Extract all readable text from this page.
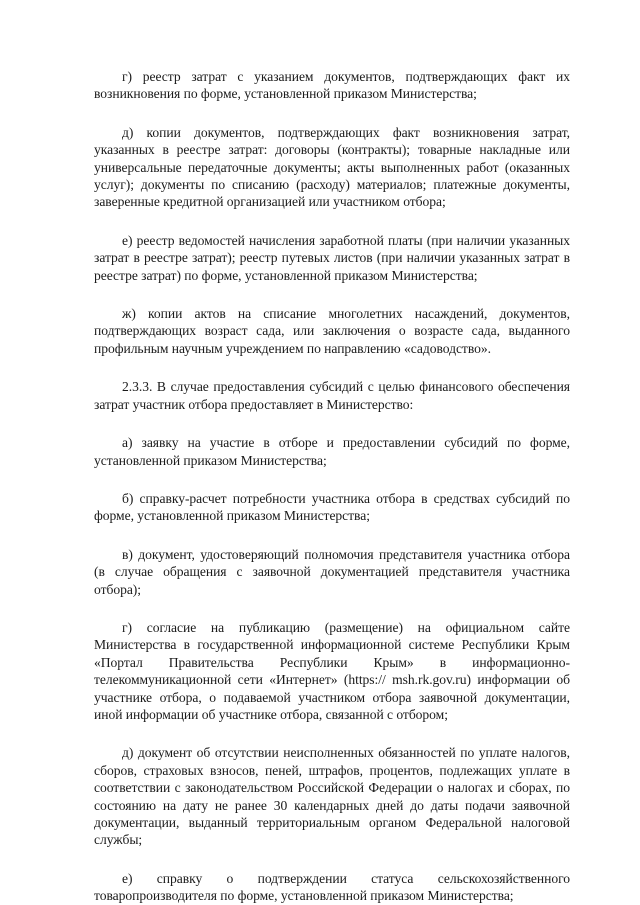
г) реестр затрат с указанием документов, подтверждающих факт их возникновения по форме, установленной приказом Министерства;

д) копии документов, подтверждающих факт возникновения затрат, указанных в реестре затрат: договоры (контракты); товарные накладные или универсальные передаточные документы; акты выполненных работ (оказанных услуг); документы по списанию (расходу) материалов; платежные документы, заверенные кредитной организацией или участником отбора;

е) реестр ведомостей начисления заработной платы (при наличии указанных затрат в реестре затрат); реестр путевых листов (при наличии указанных затрат в реестре затрат) по форме, установленной приказом Министерства;

ж) копии актов на списание многолетних насаждений, документов, подтверждающих возраст сада, или заключения о возрасте сада, выданного профильным научным учреждением по направлению «садоводство».

2.3.3. В случае предоставления субсидий с целью финансового обеспечения затрат участник отбора предоставляет в Министерство:

а) заявку на участие в отборе и предоставлении субсидий по форме, установленной приказом Министерства;

б) справку-расчет потребности участника отбора в средствах субсидий по форме, установленной приказом Министерства;

в) документ, удостоверяющий полномочия представителя участника отбора (в случае обращения с заявочной документацией представителя участника отбора);

г) согласие на публикацию (размещение) на официальном сайте Министерства в государственной информационной системе Республики Крым «Портал Правительства Республики Крым» в информационно-телекоммуникационной сети «Интернет» (https:// msh.rk.gov.ru) информации об участнике отбора, о подаваемой участником отбора заявочной документации, иной информации об участнике отбора, связанной с отбором;

д) документ об отсутствии неисполненных обязанностей по уплате налогов, сборов, страховых взносов, пеней, штрафов, процентов, подлежащих уплате в соответствии с законодательством Российской Федерации о налогах и сборах, по состоянию на дату не ранее 30 календарных дней до даты подачи заявочной документации, выданный территориальным органом Федеральной налоговой службы;

е) справку о подтверждении статуса сельскохозяйственного товаропроизводителя по форме, установленной приказом Министерства;
